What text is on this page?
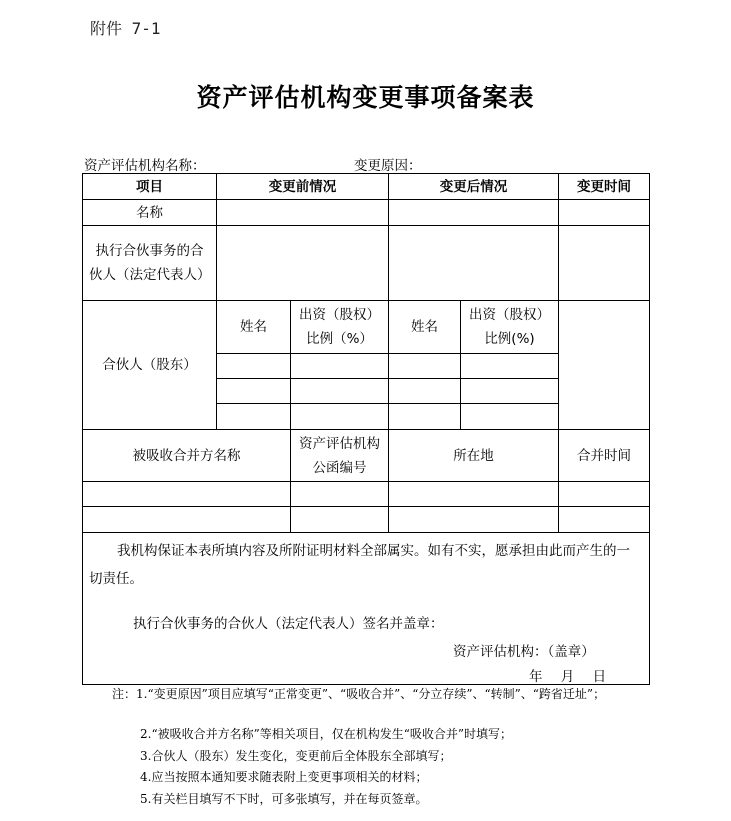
附件 7-1
资产评估机构变更事项备案表
资产评估机构名称：	变更原因：
项目	变更前情况		变更后情况		变更时间
名称					
执行合伙事务的合伙人（法定代表人）					
合伙人（股东）	姓名	出资（股权）比例（%）	姓名	出资（股权）比例(%)	

被吸收合并方名称		资产评估机构公函编号	所在地		合并时间

我机构保证本表所填内容及所附证明材料全部属实。如有不实，愿承担由此而产生的一切责任。
执行合伙事务的合伙人（法定代表人）签名并盖章：
资产评估机构：（盖章）
年 月 日					
注：1.“变更原因”项目应填写“正常变更”、“吸收合并”、“分立存续”、“转制”、“跨省迁址”；
2.“被吸收合并方名称”等相关项目，仅在机构发生“吸收合并”时填写；
3.合伙人（股东）发生变化，变更前后全体股东全部填写；
4.应当按照本通知要求随表附上变更事项相关的材料；
5.有关栏目填写不下时，可多张填写，并在每页签章。
